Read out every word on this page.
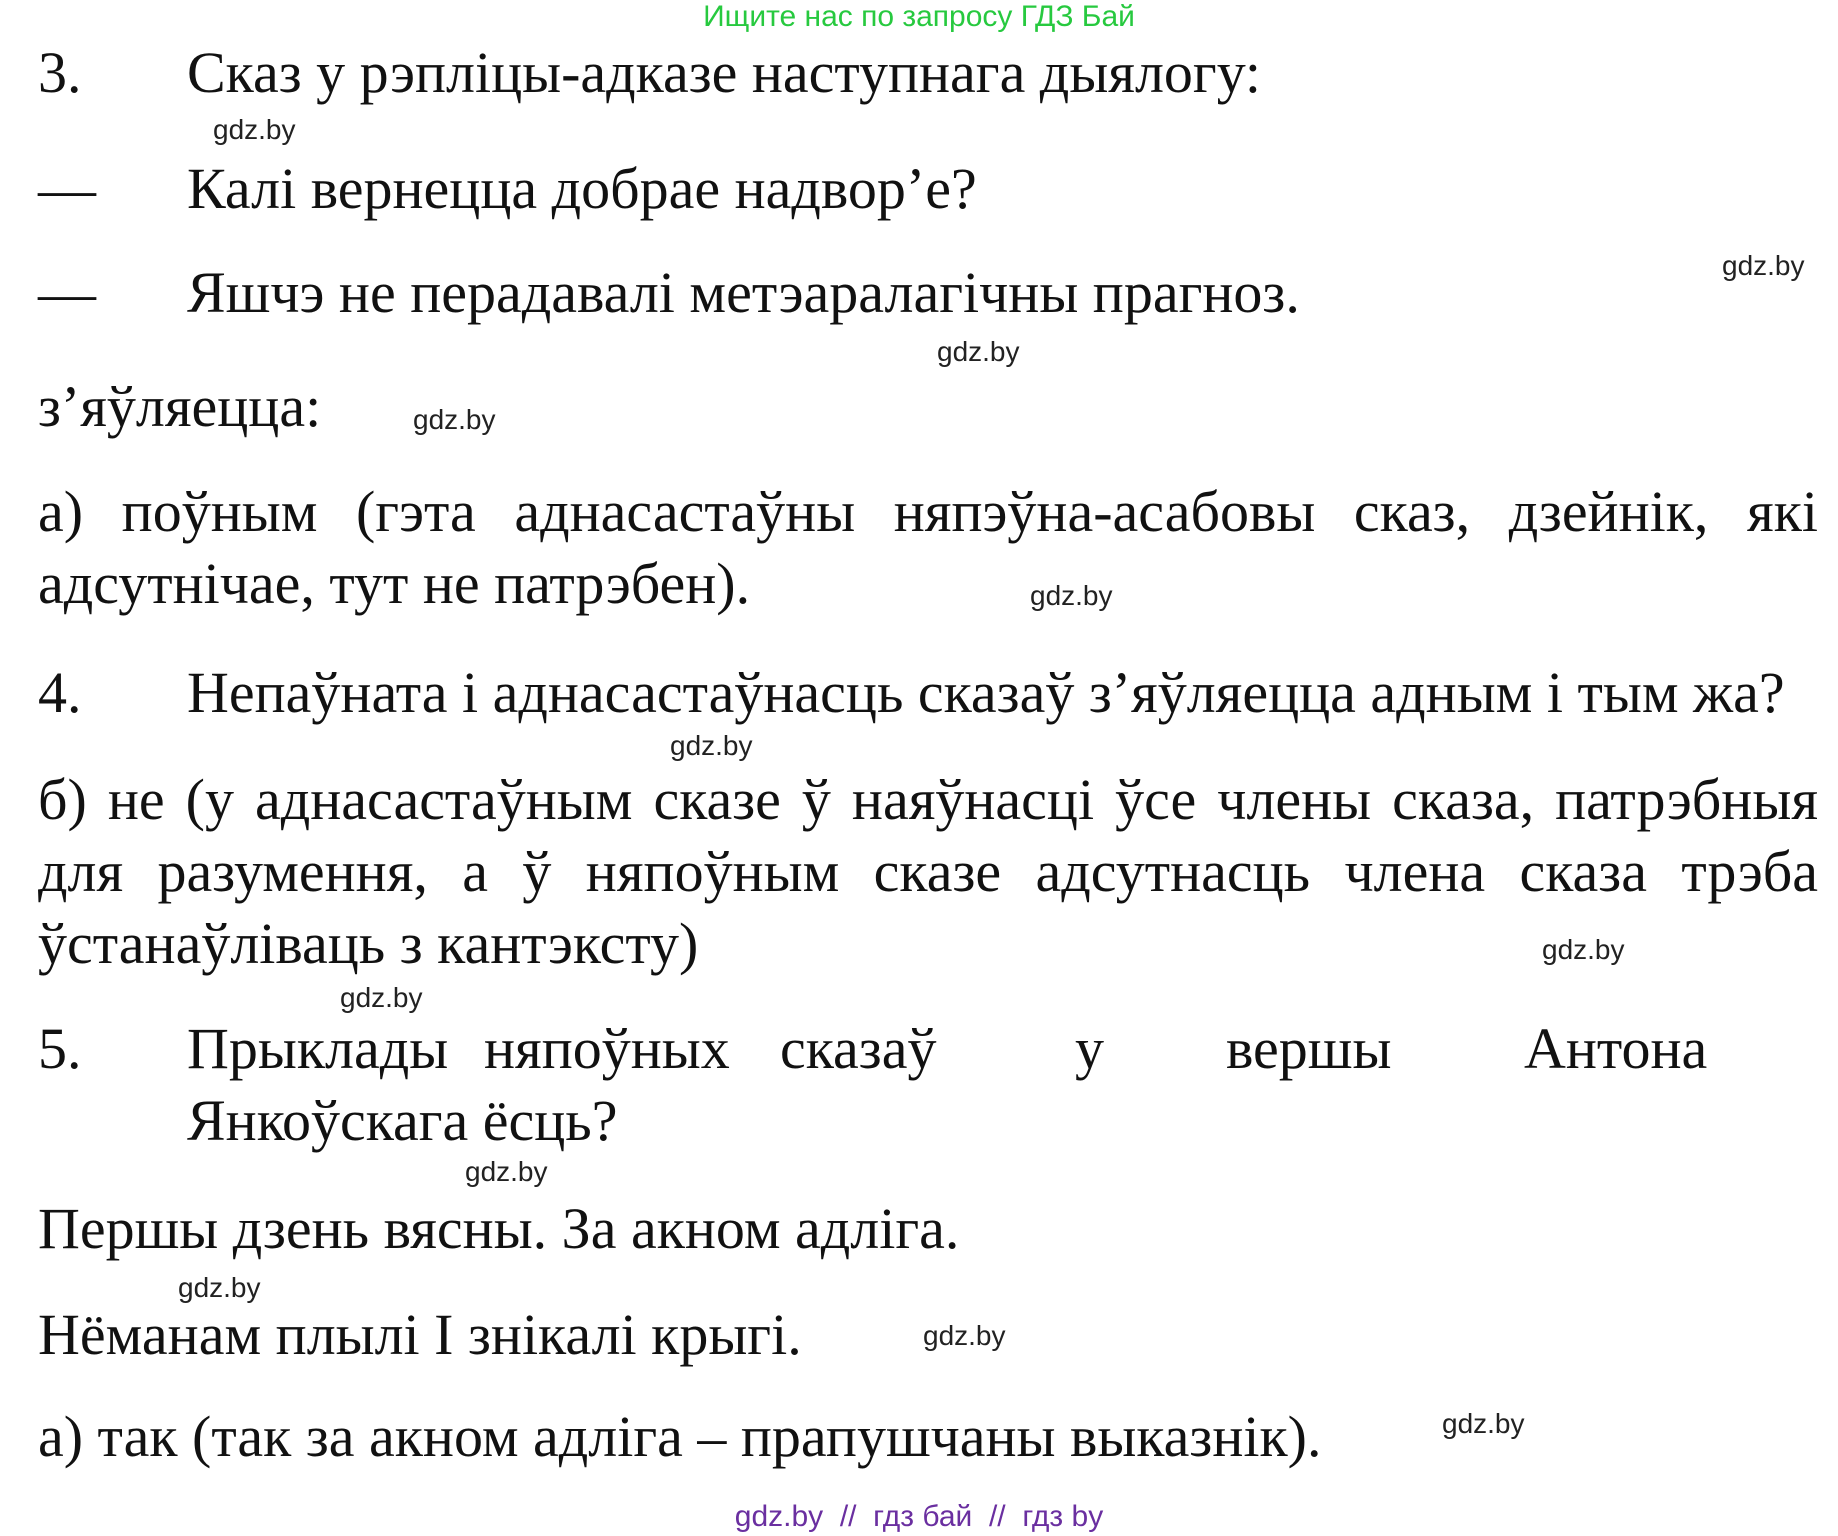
Ищите нас по запросу ГДЗ Бай
3. Сказ у рэпліцы-адказе наступнага дыялогу:
gdz.by
— Калі вернецца добрае надвор’е?
gdz.by
— Яшчэ не перадавалі метэаралагічны прагноз.
gdz.by
з’яўляецца:	gdz.by
а) поўным (гэта аднасастаўны няпэўна-асабовы сказ, дзейнік, які адсутнічае, тут не патрэбен).	gdz.by
4. Непаўната і аднасастаўнасць сказаў з’яўляецца адным і тым жа?
gdz.by
б) не (у аднасастаўным сказе ў наяўнасці ўсе члены сказа, патрэбныя для разумення, а ў няпоўным сказе адсутнасць члена сказа трэба ўстанаўліваць з кантэксту)	gdz.by
gdz.by
5. Прыклады няпоўных сказаў у вершы Антона
Янкоўскага ёсць?
gdz.by
Першы дзень вясны. За акном адліга.
gdz.by
Нёманам плылі І знікалі крыгі.	gdz.by
gdz.by
а) так (так за акном адліга – прапушчаны выказнік).
gdz.by  //  гдз бай  //  гдз by
